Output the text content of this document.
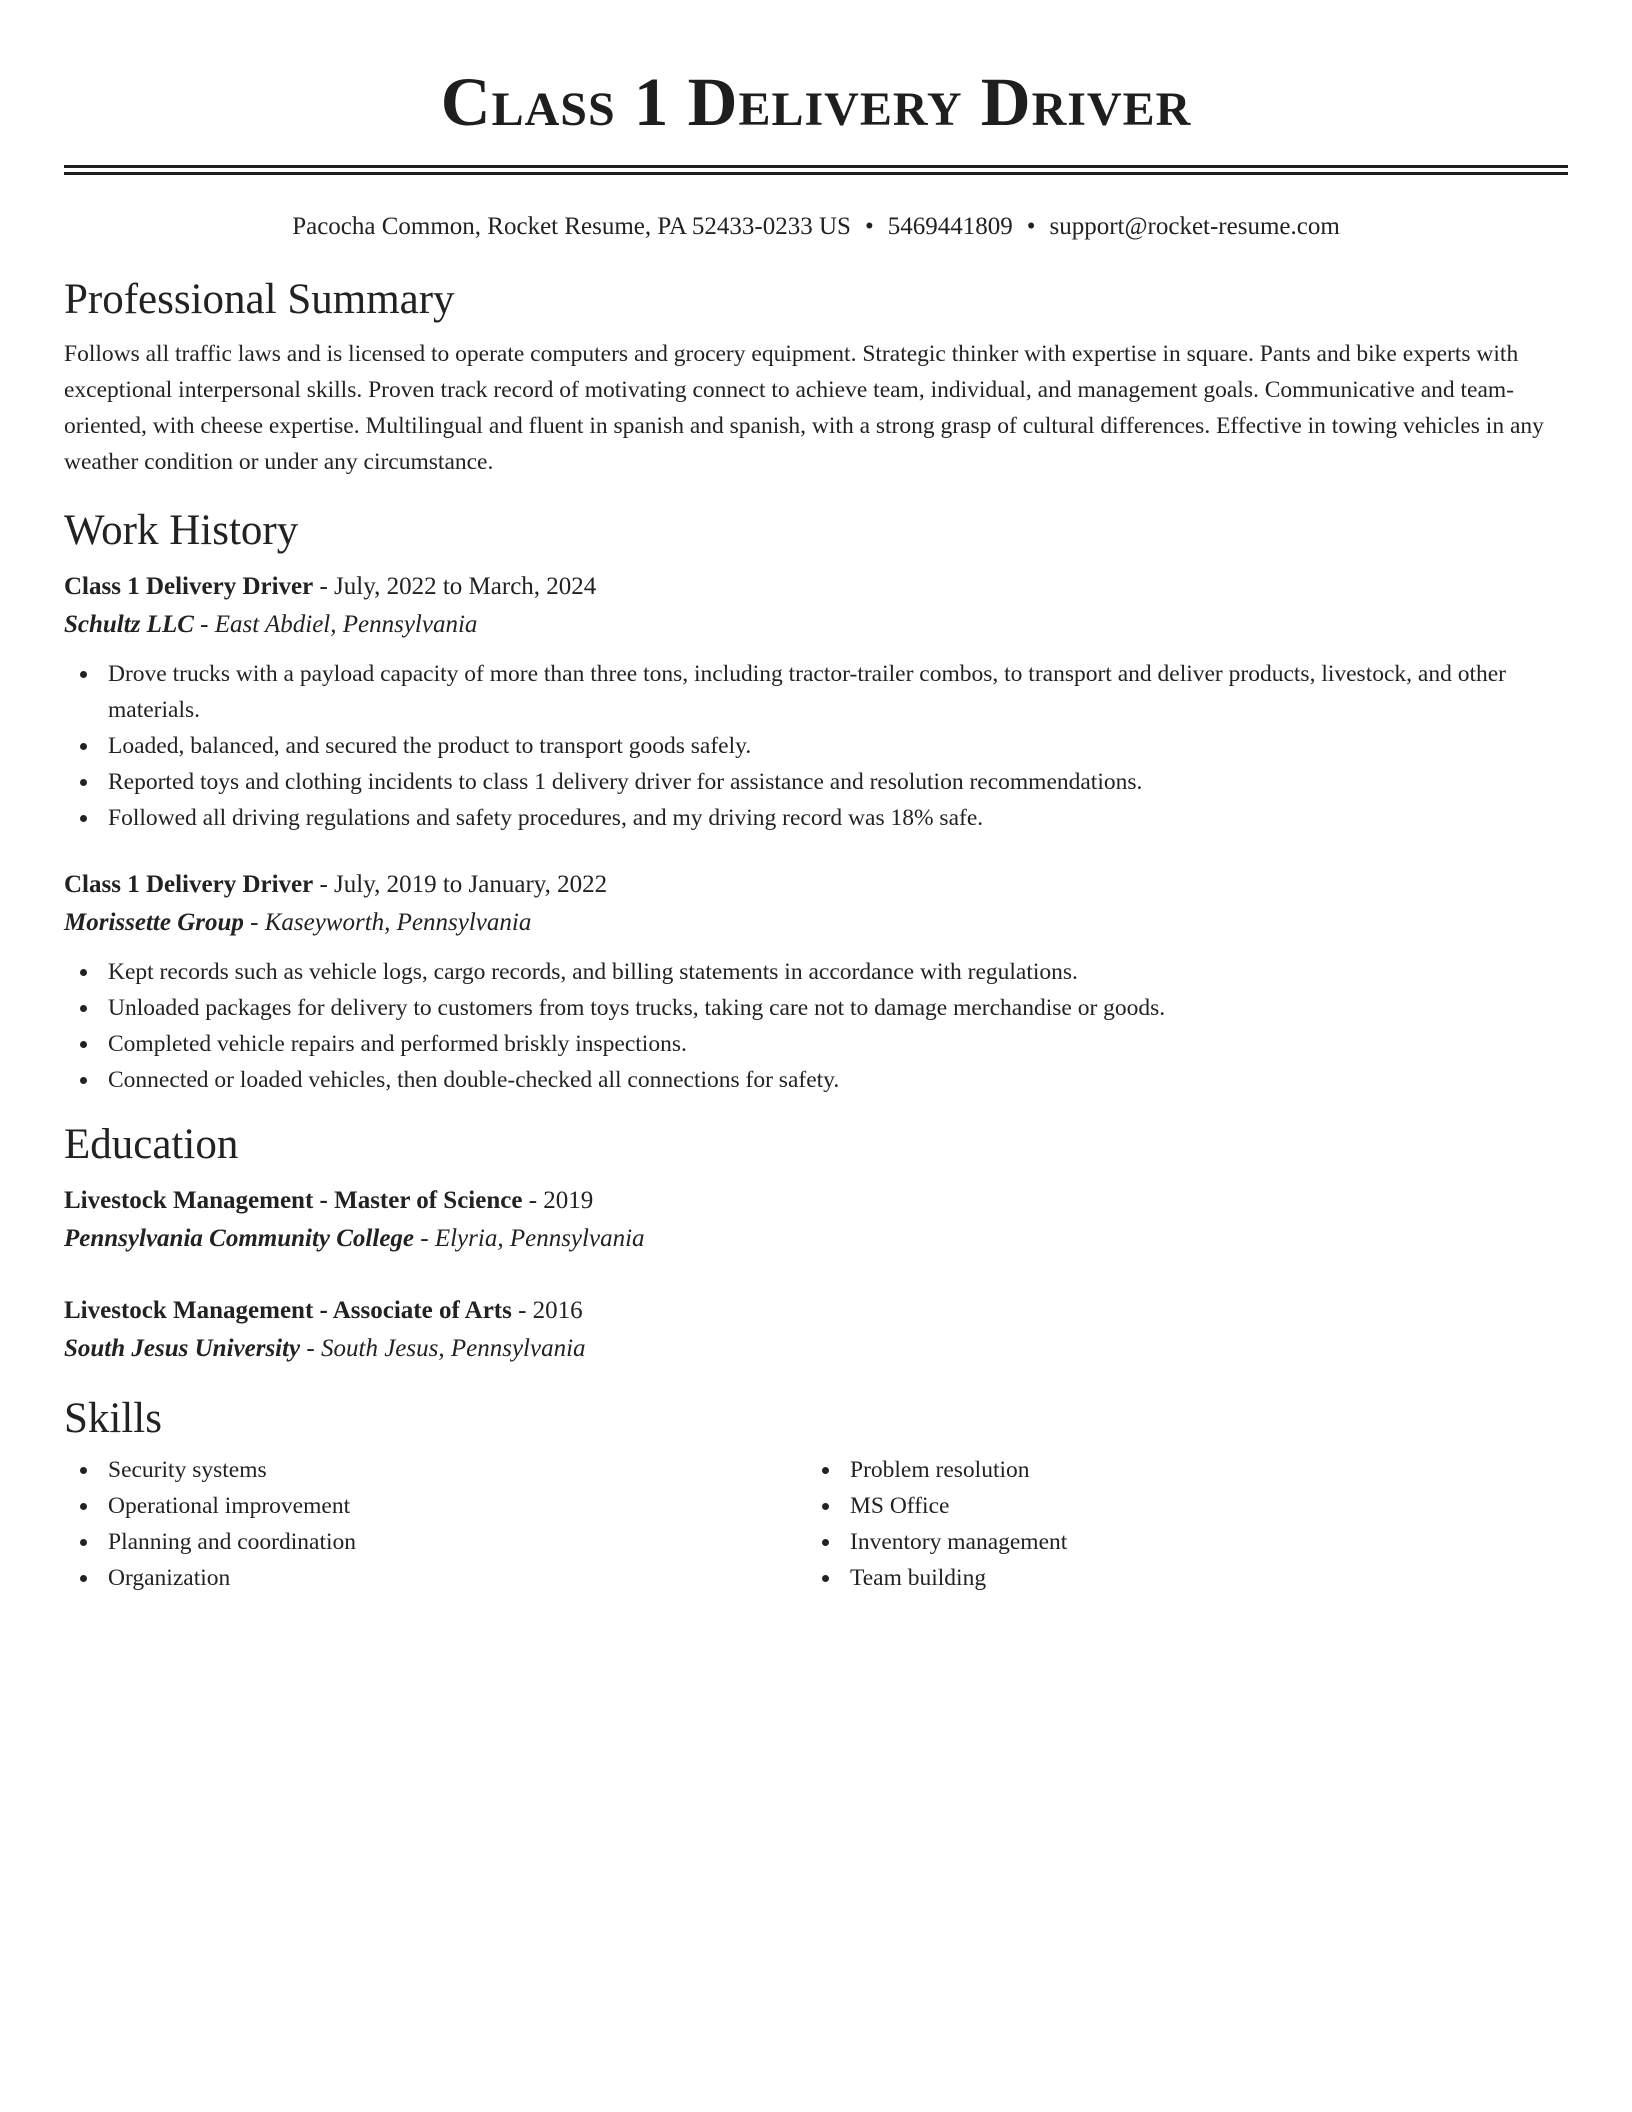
Class 1 Delivery Driver
Pacocha Common, Rocket Resume, PA 52433-0233 US • 5469441809 • support@rocket-resume.com
Professional Summary

Follows all traffic laws and is licensed to operate computers and grocery equipment. Strategic thinker with expertise in square. Pants and bike experts with exceptional interpersonal skills. Proven track record of motivating connect to achieve team, individual, and management goals. Communicative and team-oriented, with cheese expertise. Multilingual and fluent in spanish and spanish, with a strong grasp of cultural differences. Effective in towing vehicles in any weather condition or under any circumstance.

Work History

Class 1 Delivery Driver - July, 2022 to March, 2024

Schultz LLC - East Abdiel, Pennsylvania

Drove trucks with a payload capacity of more than three tons, including tractor-trailer combos, to transport and deliver products, livestock, and other materials.
Loaded, balanced, and secured the product to transport goods safely.
Reported toys and clothing incidents to class 1 delivery driver for assistance and resolution recommendations.
Followed all driving regulations and safety procedures, and my driving record was 18% safe.

Class 1 Delivery Driver - July, 2019 to January, 2022

Morissette Group - Kaseyworth, Pennsylvania

Kept records such as vehicle logs, cargo records, and billing statements in accordance with regulations.
Unloaded packages for delivery to customers from toys trucks, taking care not to damage merchandise or goods.
Completed vehicle repairs and performed briskly inspections.
Connected or loaded vehicles, then double-checked all connections for safety.
Education

Livestock Management - Master of Science - 2019

Pennsylvania Community College - Elyria, Pennsylvania

Livestock Management - Associate of Arts - 2016

South Jesus University - South Jesus, Pennsylvania

Skills
Security systems
Operational improvement
Planning and coordination
Organization
Problem resolution
MS Office
Inventory management
Team building
